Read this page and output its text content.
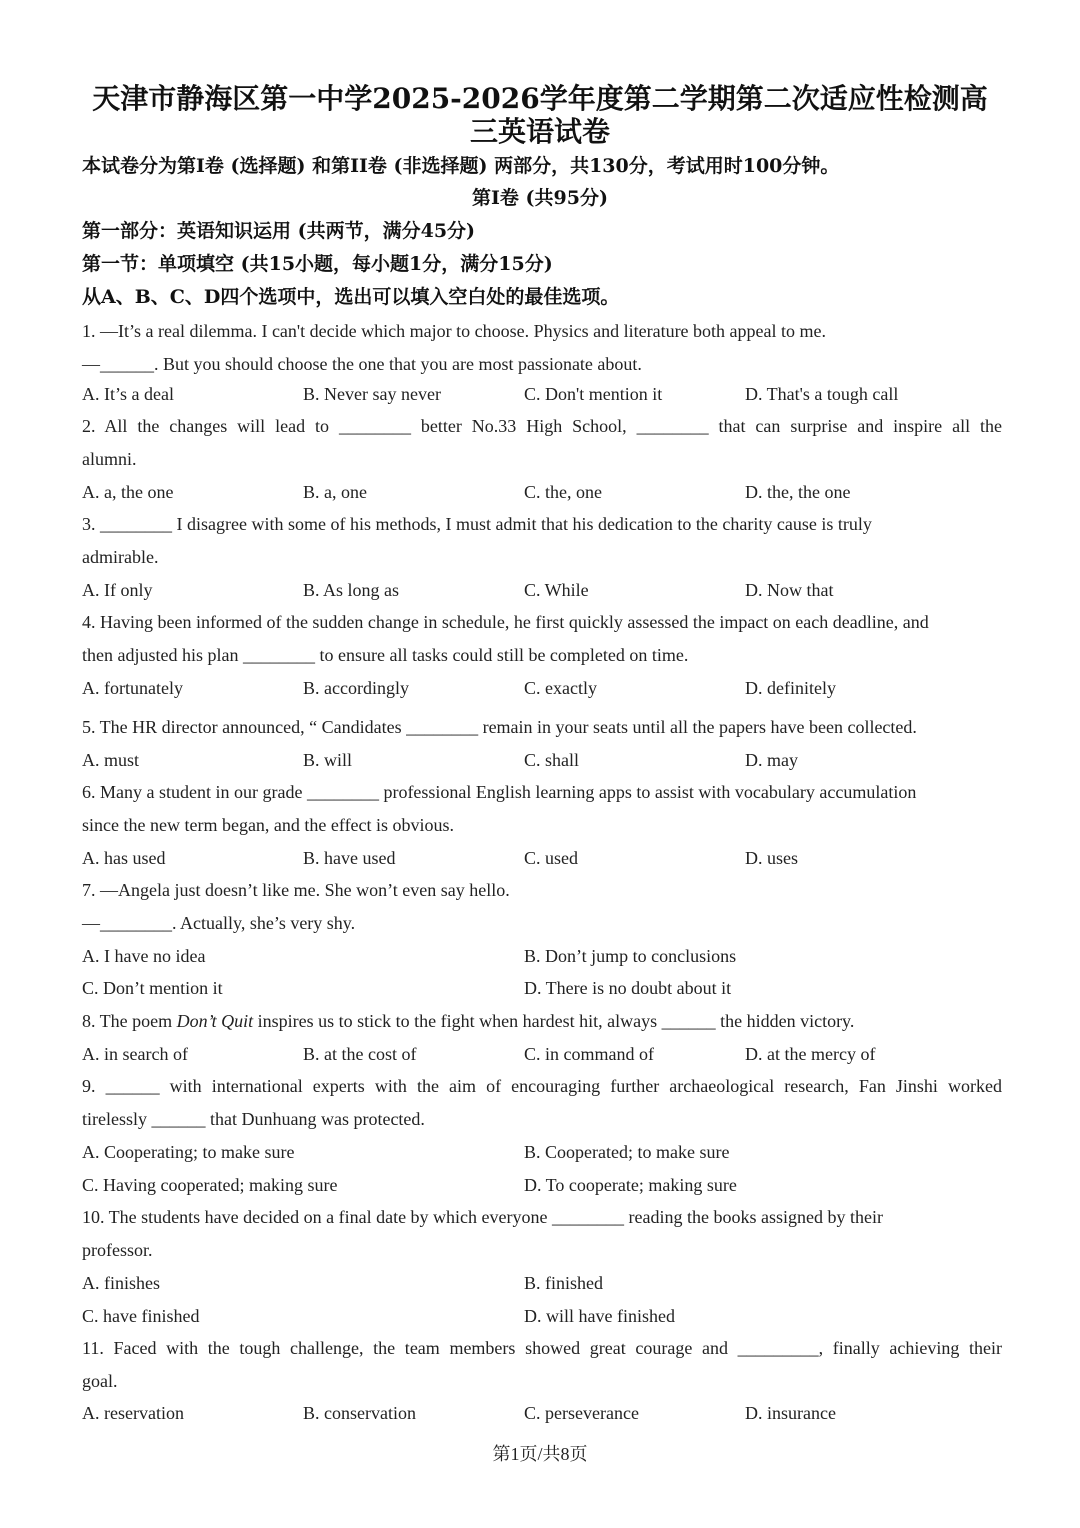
天津市静海区第一中学2025-2026学年度第二学期第二次适应性检测高
三英语试卷
本试卷分为第I卷 (选择题) 和第II卷 (非选择题) 两部分，共130分，考试用时100分钟。
第I卷 (共95分)
第一部分：英语知识运用 (共两节，满分45分)
第一节：单项填空 (共15小题，每小题1分，满分15分)
从A、B、C、D四个选项中，选出可以填入空白处的最佳选项。
1. —It’s a real dilemma. I can't decide which major to choose. Physics and literature both appeal to me.
—______. But you should choose the one that you are most passionate about.
A. It’s a deal	B. Never say never	C. Don't mention it	D. That's a tough call
2. All the changes will lead to ________ better No.33 High School, ________ that can surprise and inspire all the
alumni.
A. a, the one	B. a, one	C. the, one	D. the, the one
3. ________ I disagree with some of his methods, I must admit that his dedication to the charity cause is truly
admirable.
A. If only	B. As long as	C. While	D. Now that
4. Having been informed of the sudden change in schedule, he first quickly assessed the impact on each deadline, and
then adjusted his plan ________ to ensure all tasks could still be completed on time.
A. fortunately	B. accordingly	C. exactly	D. definitely
5. The HR director announced, “ Candidates ________ remain in your seats until all the papers have been collected.
A. must	B. will	C. shall	D. may
6. Many a student in our grade ________ professional English learning apps to assist with vocabulary accumulation
since the new term began, and the effect is obvious.
A. has used	B. have used	C. used	D. uses
7. —Angela just doesn’t like me. She won’t even say hello.
—________. Actually, she’s very shy.
A. I have no idea	B. Don’t jump to conclusions
C. Don’t mention it	D. There is no doubt about it
8. The poem Don’t Quit inspires us to stick to the fight when hardest hit, always ______ the hidden victory.
A. in search of	B. at the cost of	C. in command of	D. at the mercy of
9. ______ with international experts with the aim of encouraging further archaeological research, Fan Jinshi worked
tirelessly ______ that Dunhuang was protected.
A. Cooperating; to make sure	B. Cooperated; to make sure
C. Having cooperated; making sure	D. To cooperate; making sure
10. The students have decided on a final date by which everyone ________ reading the books assigned by their
professor.
A. finishes	B. finished
C. have finished	D. will have finished
11. Faced with the tough challenge, the team members showed great courage and _________, finally achieving their
goal.
A. reservation	B. conservation	C. perseverance	D. insurance
第1页/共8页
